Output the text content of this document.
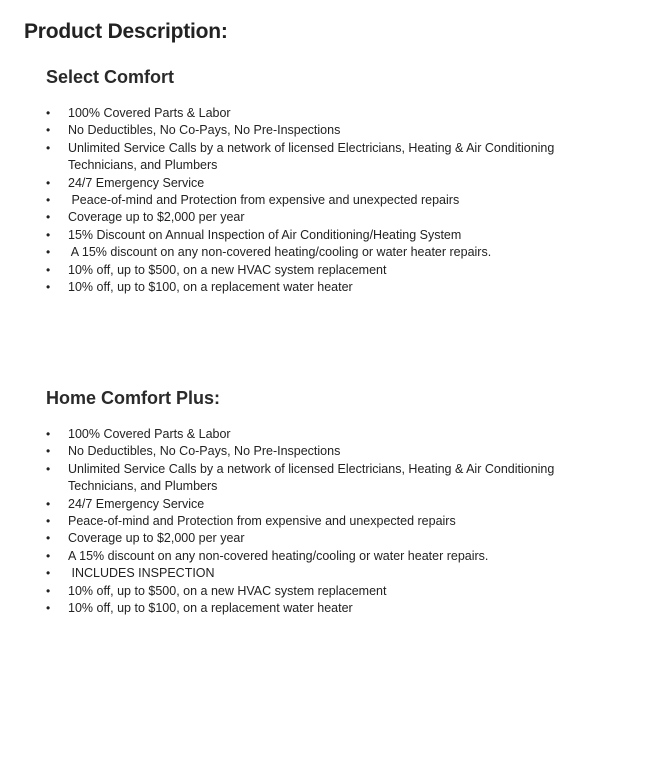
Product Description:
Select Comfort
• 100% Covered Parts & Labor
• No Deductibles, No Co-Pays, No Pre-Inspections
• Unlimited Service Calls by a network of licensed Electricians, Heating & Air Conditioning Technicians, and Plumbers
• 24/7 Emergency Service
• Peace-of-mind and Protection from expensive and unexpected repairs
• Coverage up to $2,000 per year
• 15% Discount on Annual Inspection of Air Conditioning/Heating System
• A 15% discount on any non-covered heating/cooling or water heater repairs.
• 10% off, up to $500, on a new HVAC system replacement
• 10% off, up to $100, on a replacement water heater
Home Comfort Plus:
• 100% Covered Parts & Labor
• No Deductibles, No Co-Pays, No Pre-Inspections
• Unlimited Service Calls by a network of licensed Electricians, Heating & Air Conditioning Technicians, and Plumbers
• 24/7 Emergency Service
• Peace-of-mind and Protection from expensive and unexpected repairs
• Coverage up to $2,000 per year
• A 15% discount on any non-covered heating/cooling or water heater repairs.
• INCLUDES INSPECTION
• 10% off, up to $500, on a new HVAC system replacement
• 10% off, up to $100, on a replacement water heater
